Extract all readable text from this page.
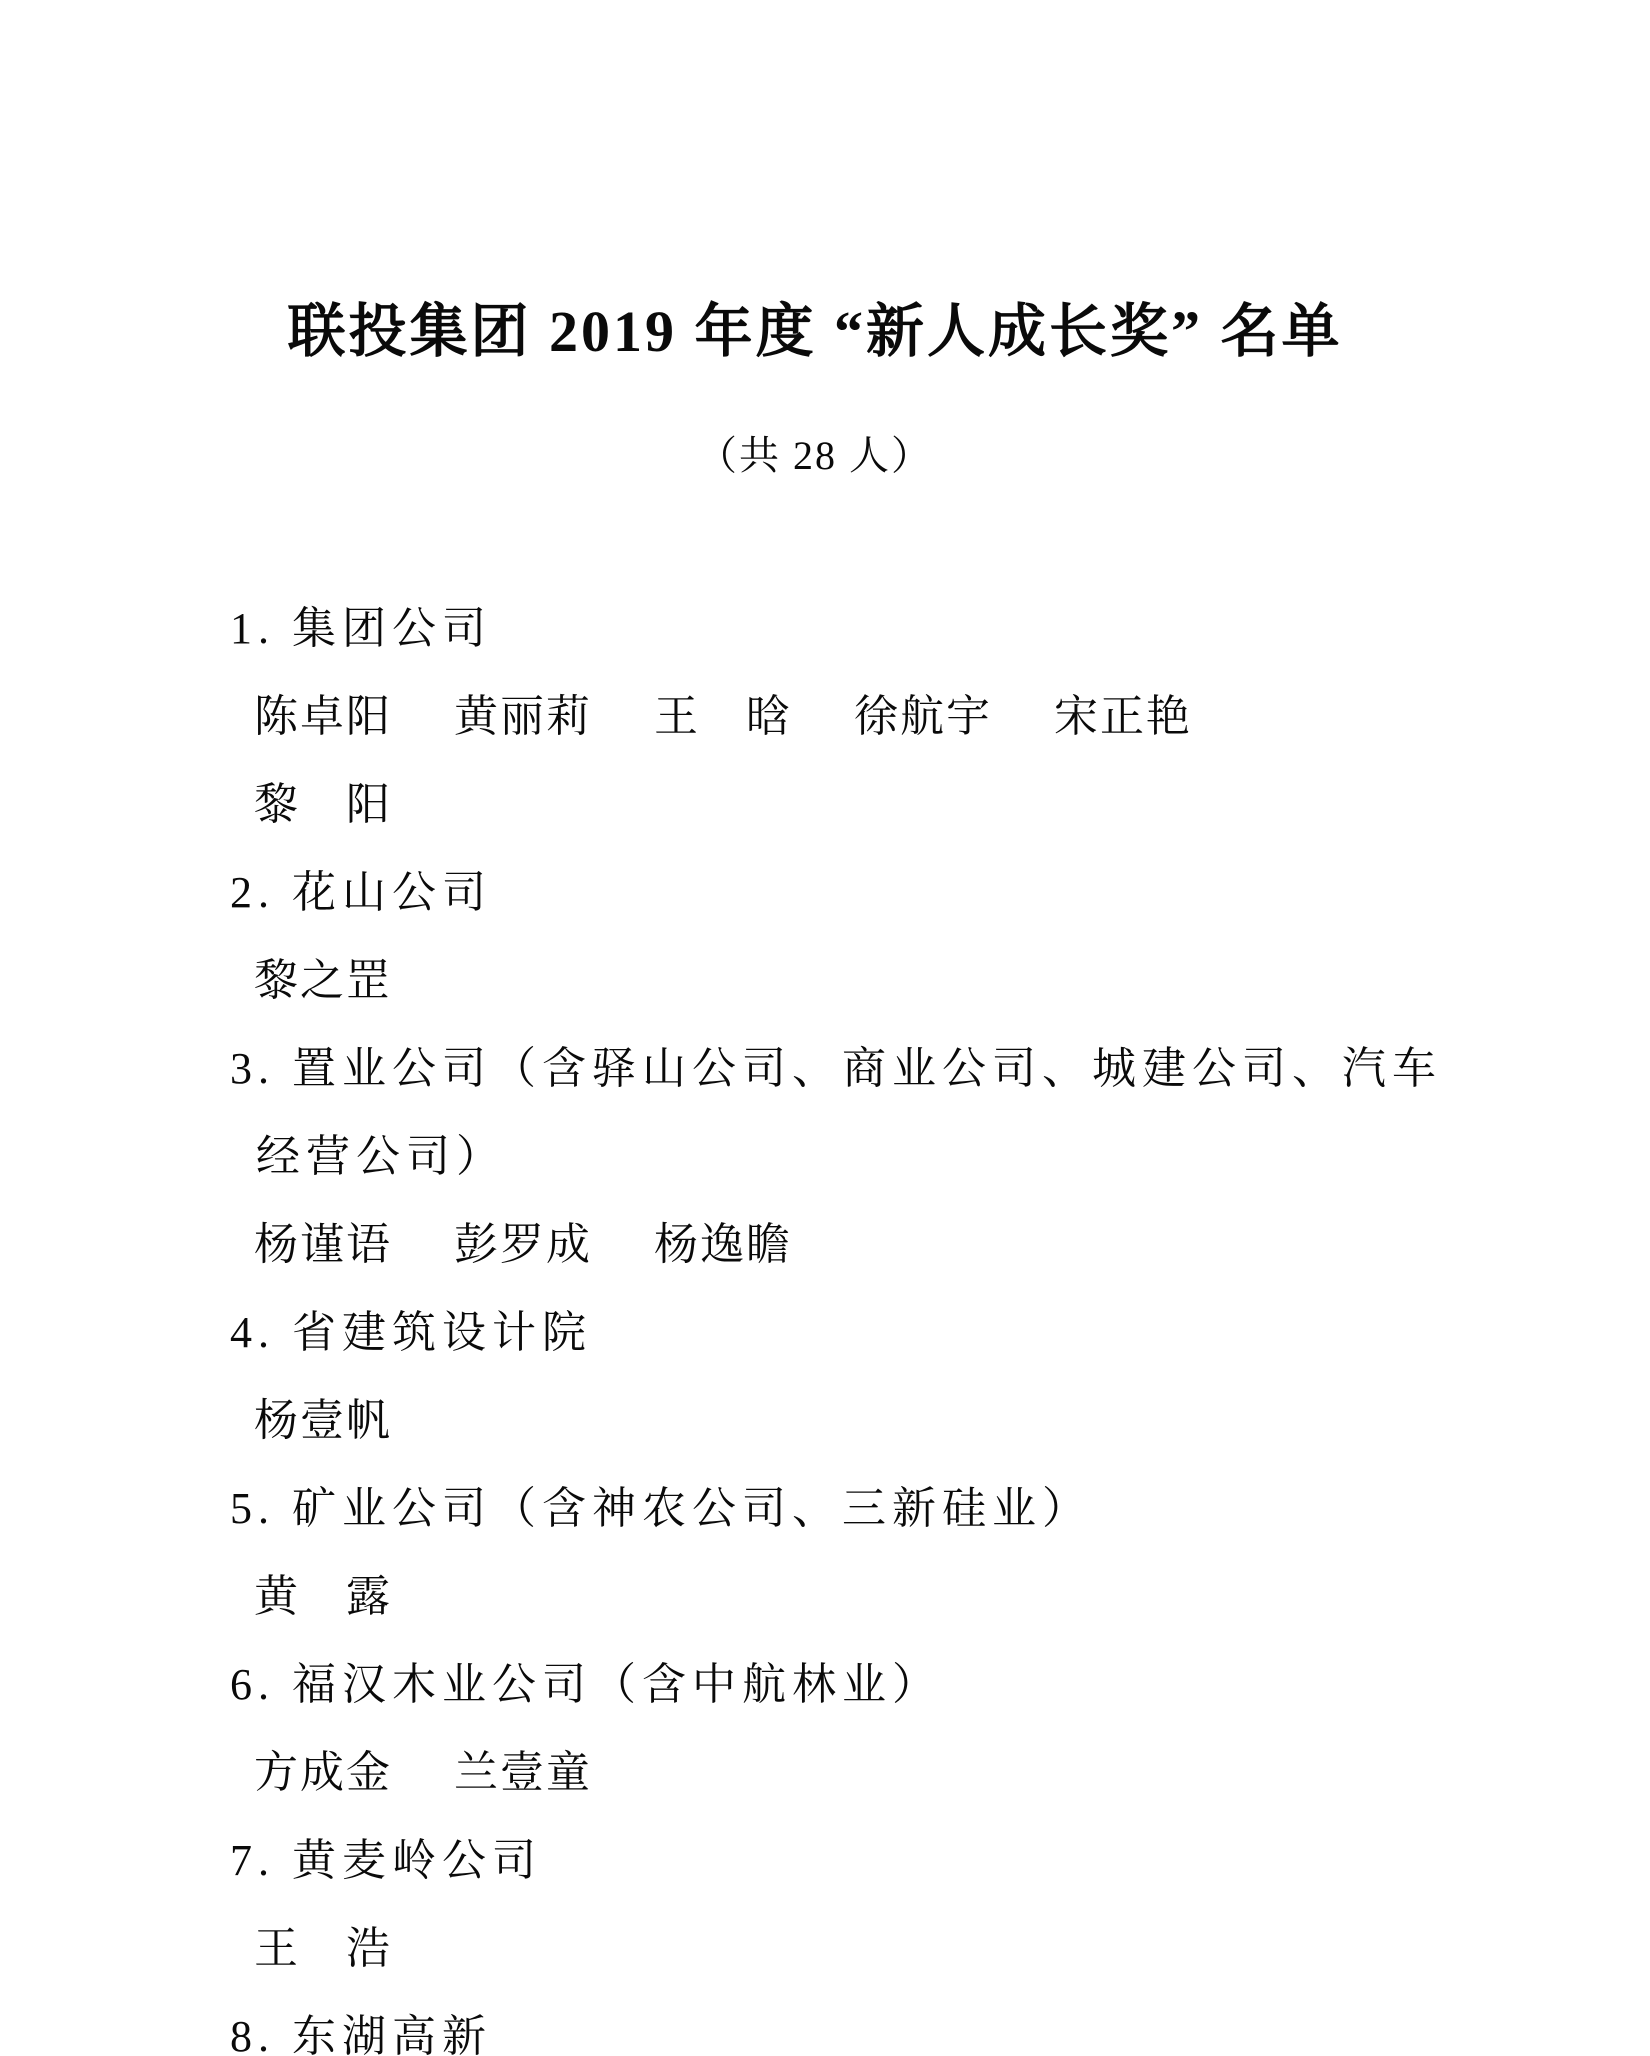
联投集团 2019 年度 “新人成长奖” 名单
（共 28 人）
1. 集团公司
陈卓阳 黄丽莉 王　晗 徐航宇 宋正艳
黎　阳
2. 花山公司
黎之罡
3. 置业公司（含驿山公司、商业公司、城建公司、汽车
经营公司）
杨谨语 彭罗成 杨逸瞻
4. 省建筑设计院
杨壹帆
5. 矿业公司（含神农公司、三新硅业）
黄　露
6. 福汉木业公司（含中航林业）
方成金 兰壹童
7. 黄麦岭公司
王　浩
8. 东湖高新
